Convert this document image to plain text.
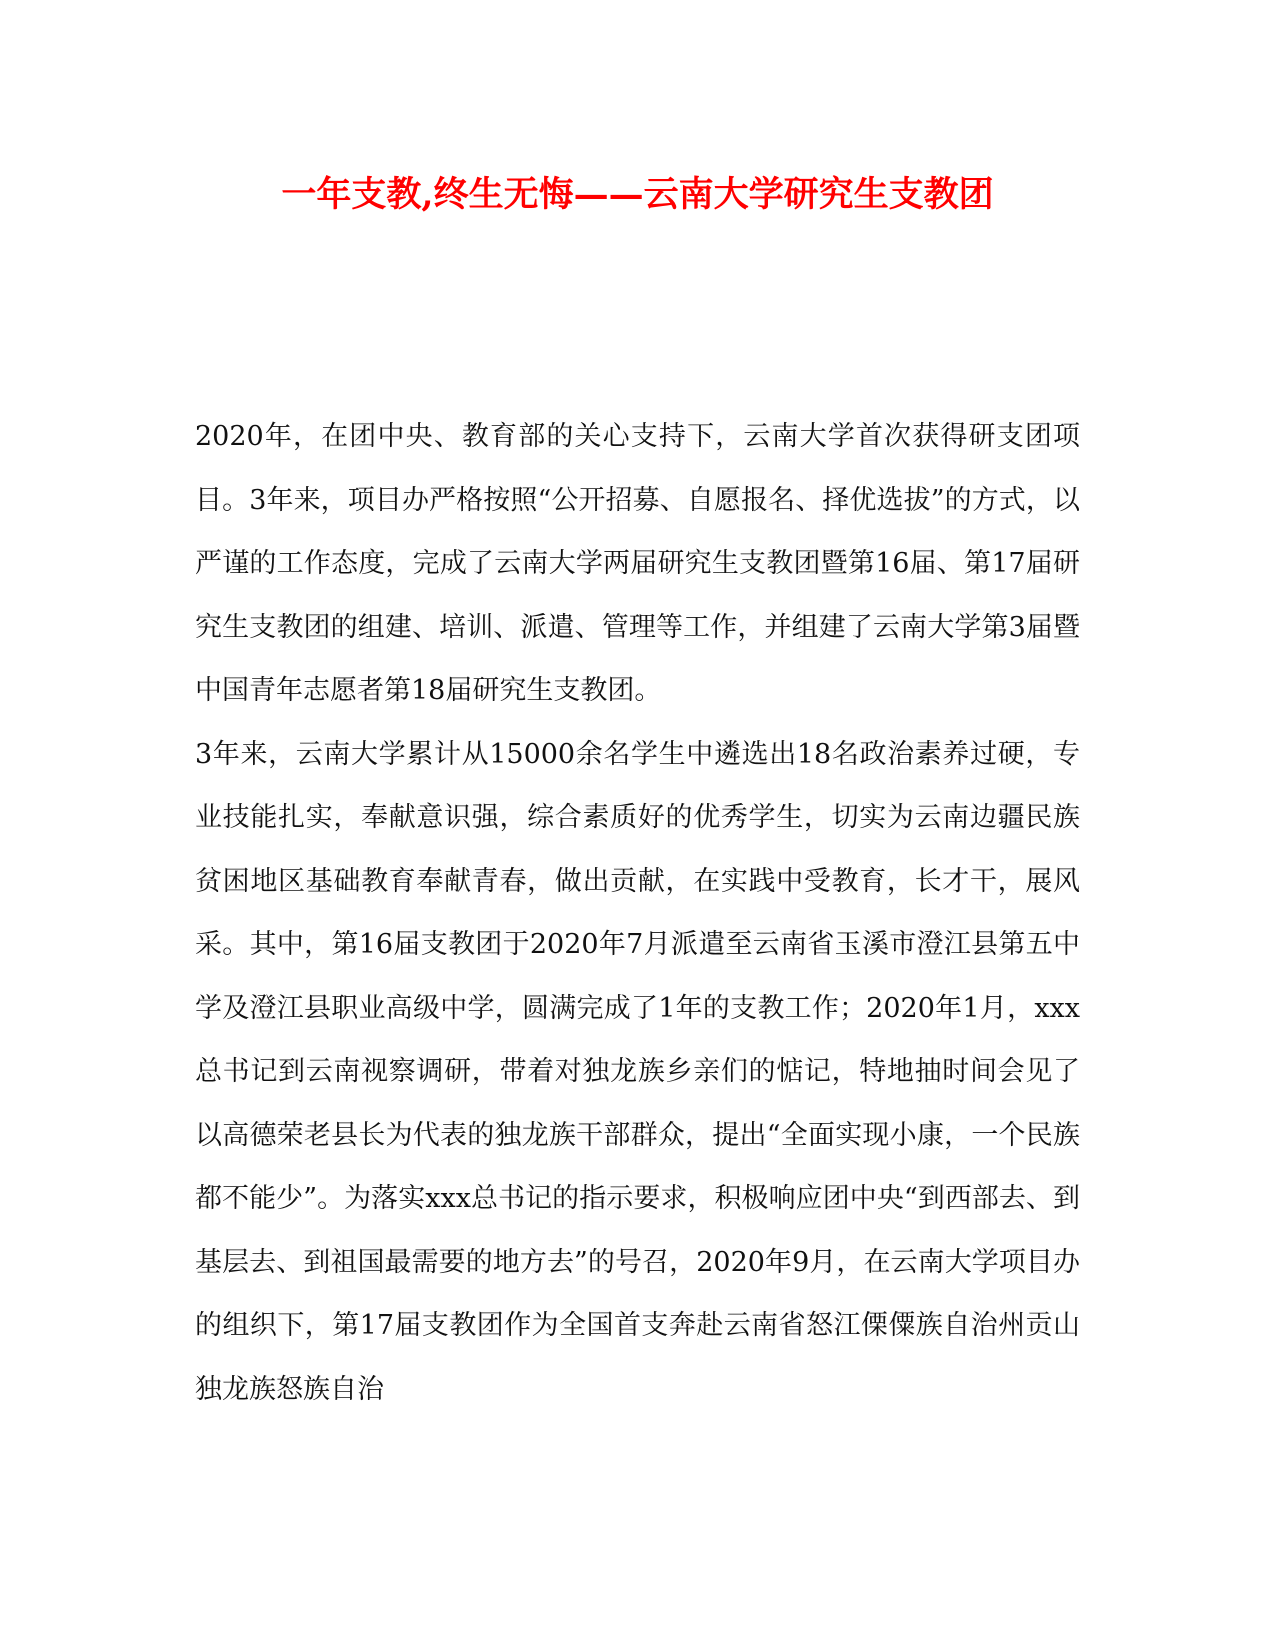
一年支教,终生无悔——云南大学研究生支教团

2020年，在团中央、教育部的关心支持下，云南大学首次获得研支团项目。3年来，项目办严格按照“公开招募、自愿报名、择优选拔”的方式，以严谨的工作态度，完成了云南大学两届研究生支教团暨第16届、第17届研究生支教团的组建、培训、派遣、管理等工作，并组建了云南大学第3届暨中国青年志愿者第18届研究生支教团。

3年来，云南大学累计从15000余名学生中遴选出18名政治素养过硬，专业技能扎实，奉献意识强，综合素质好的优秀学生，切实为云南边疆民族贫困地区基础教育奉献青春，做出贡献，在实践中受教育，长才干，展风采。其中，第16届支教团于2020年7月派遣至云南省玉溪市澄江县第五中学及澄江县职业高级中学，圆满完成了1年的支教工作；2020年1月，xxx总书记到云南视察调研，带着对独龙族乡亲们的惦记，特地抽时间会见了以高德荣老县长为代表的独龙族干部群众，提出“全面实现小康，一个民族都不能少”。为落实xxx总书记的指示要求，积极响应团中央“到西部去、到基层去、到祖国最需要的地方去”的号召，2020年9月，在云南大学项目办的组织下，第17届支教团作为全国首支奔赴云南省怒江傈僳族自治州贡山独龙族怒族自治
